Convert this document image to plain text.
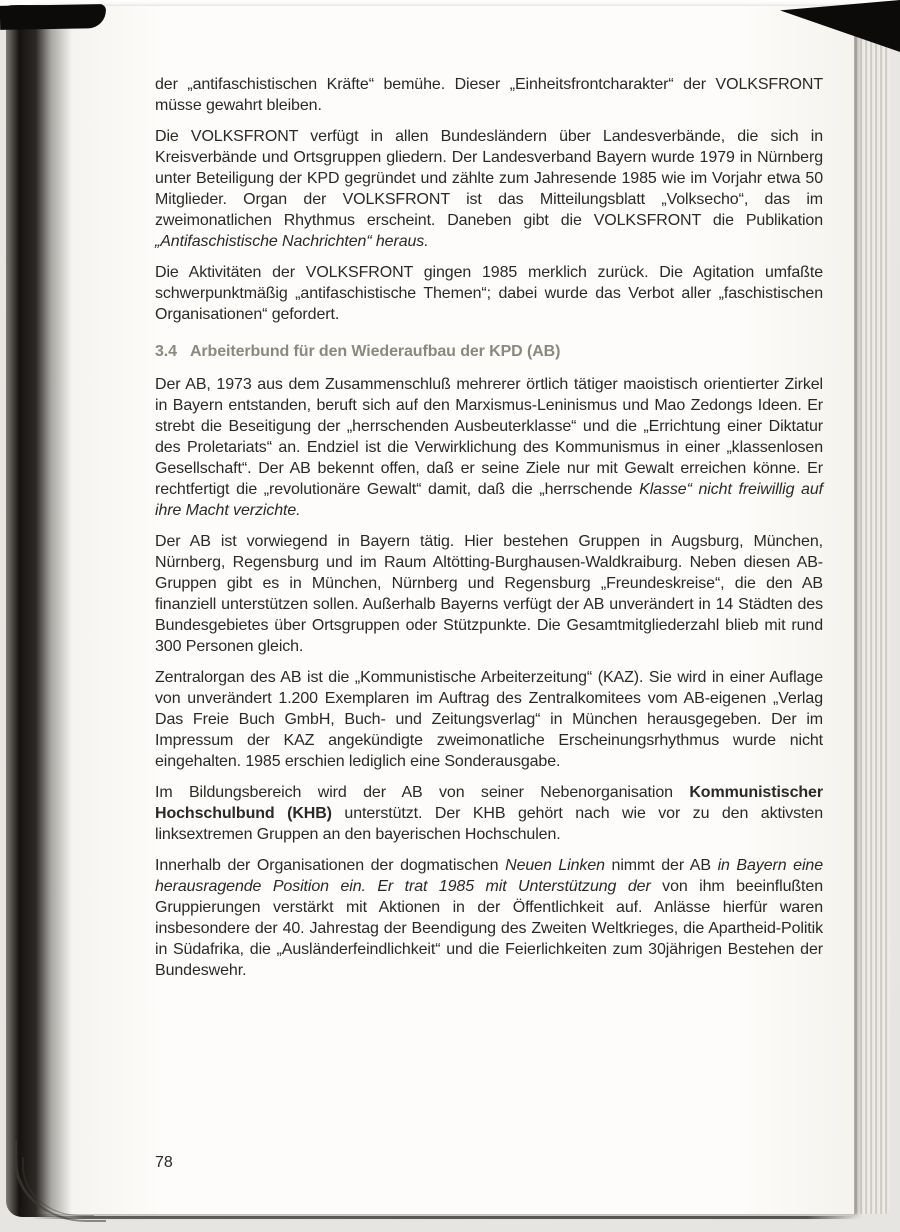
der „antifaschistischen Kräfte“ bemühe. Dieser „Einheitsfrontcharakter“ der VOLKSFRONT müsse gewahrt bleiben.

Die VOLKSFRONT verfügt in allen Bundesländern über Landesverbände, die sich in Kreisverbände und Ortsgruppen gliedern. Der Landesverband Bayern wurde 1979 in Nürnberg unter Beteiligung der KPD gegründet und zählte zum Jahresende 1985 wie im Vorjahr etwa 50 Mitglieder. Organ der VOLKSFRONT ist das Mitteilungsblatt „Volksecho“, das im zweimonatlichen Rhythmus erscheint. Daneben gibt die VOLKSFRONT die Publikation „Antifaschistische Nachrichten“ heraus.

Die Aktivitäten der VOLKSFRONT gingen 1985 merklich zurück. Die Agitation umfaßte schwerpunktmäßig „antifaschistische Themen“; dabei wurde das Verbot aller „faschistischen Organisationen“ gefordert.

3.4 Arbeiterbund für den Wiederaufbau der KPD (AB)

Der AB, 1973 aus dem Zusammenschluß mehrerer örtlich tätiger maoistisch orientierter Zirkel in Bayern entstanden, beruft sich auf den Marxismus-Leninismus und Mao Zedongs Ideen. Er strebt die Beseitigung der „herrschenden Ausbeuterklasse“ und die „Errichtung einer Diktatur des Proletariats“ an. Endziel ist die Verwirklichung des Kommunismus in einer „klassenlosen Gesellschaft“. Der AB bekennt offen, daß er seine Ziele nur mit Gewalt erreichen könne. Er rechtfertigt die „revolutionäre Gewalt“ damit, daß die „herrschende Klasse“ nicht freiwillig auf ihre Macht verzichte.

Der AB ist vorwiegend in Bayern tätig. Hier bestehen Gruppen in Augsburg, München, Nürnberg, Regensburg und im Raum Altötting-Burghausen-Waldkraiburg. Neben diesen AB-Gruppen gibt es in München, Nürnberg und Regensburg „Freundeskreise“, die den AB finanziell unterstützen sollen. Außerhalb Bayerns verfügt der AB unverändert in 14 Städten des Bundesgebietes über Ortsgruppen oder Stützpunkte. Die Gesamtmitgliederzahl blieb mit rund 300 Personen gleich.

Zentralorgan des AB ist die „Kommunistische Arbeiterzeitung“ (KAZ). Sie wird in einer Auflage von unverändert 1.200 Exemplaren im Auftrag des Zentralkomitees vom AB-eigenen „Verlag Das Freie Buch GmbH, Buch- und Zeitungsverlag“ in München herausgegeben. Der im Impressum der KAZ angekündigte zweimonatliche Erscheinungsrhythmus wurde nicht eingehalten. 1985 erschien lediglich eine Sonderausgabe.

Im Bildungsbereich wird der AB von seiner Nebenorganisation Kommunistischer Hochschulbund (KHB) unterstützt. Der KHB gehört nach wie vor zu den aktivsten linksextremen Gruppen an den bayerischen Hochschulen.

Innerhalb der Organisationen der dogmatischen Neuen Linken nimmt der AB in Bayern eine herausragende Position ein. Er trat 1985 mit Unterstützung der von ihm beeinflußten Gruppierungen verstärkt mit Aktionen in der Öffentlichkeit auf. Anlässe hierfür waren insbesondere der 40. Jahrestag der Beendigung des Zweiten Weltkrieges, die Apartheid-Politik in Südafrika, die „Ausländerfeindlichkeit“ und die Feierlichkeiten zum 30jährigen Bestehen der Bundeswehr.

78
